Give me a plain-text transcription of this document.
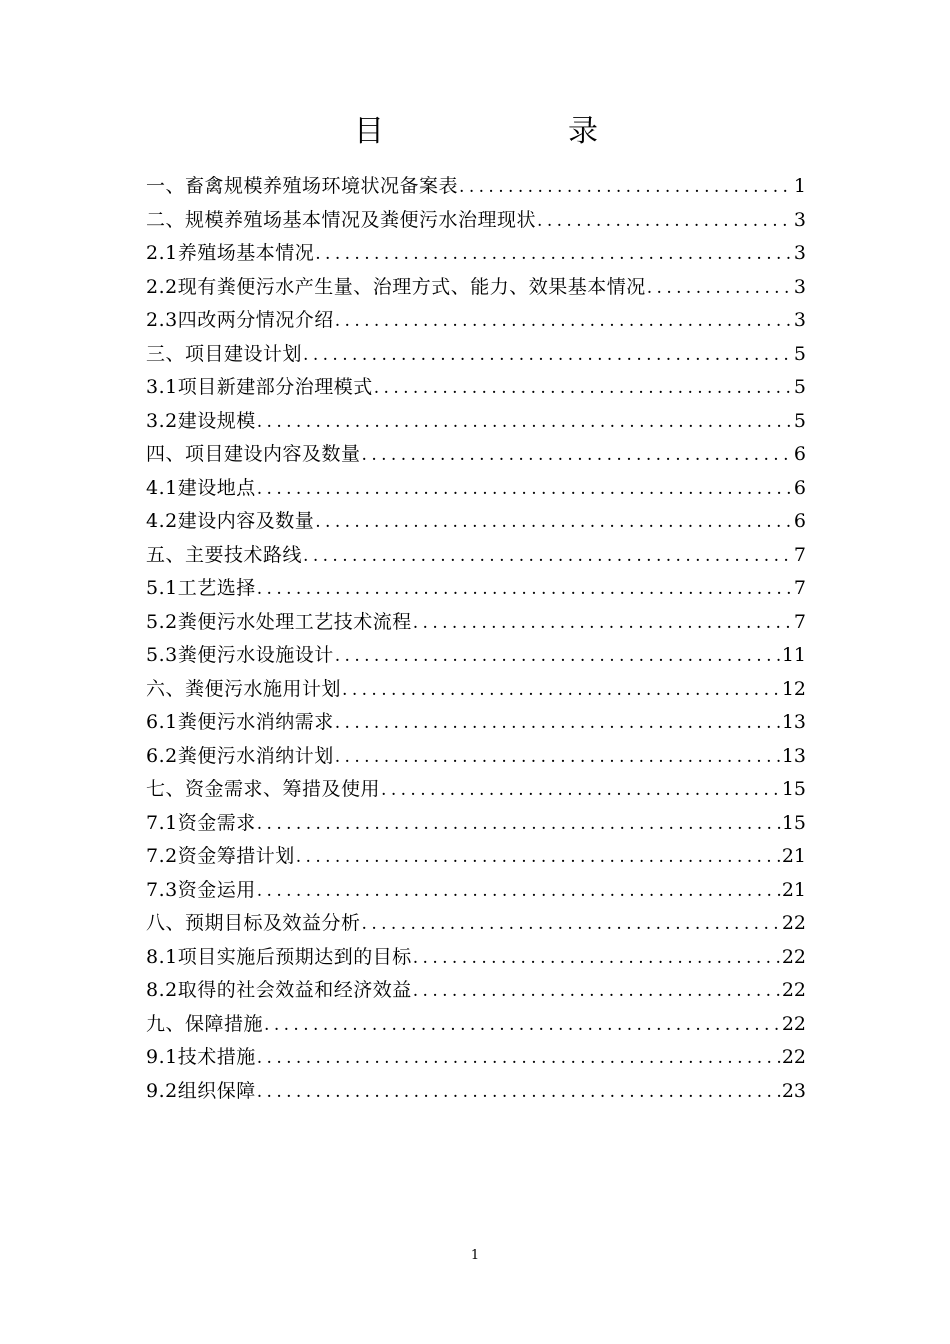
目	录
一、畜禽规模养殖场环境状况备案表 .....	1
二、规模养殖场基本情况及粪便污水治理现状 .....	3
2.1养殖场基本情况 .....	3
2.2现有粪便污水产生量、治理方式、能力、效果基本情况 .....	3
2.3四改两分情况介绍 .....	3
三、项目建设计划 .....	5
3.1项目新建部分治理模式 .....	5
3.2建设规模 .....	5
四、项目建设内容及数量 .....	6
4.1建设地点 .....	6
4.2建设内容及数量 .....	6
五、主要技术路线 .....	7
5.1工艺选择 .....	7
5.2粪便污水处理工艺技术流程 .....	7
5.3粪便污水设施设计 .....	11
六、粪便污水施用计划 .....	12
6.1粪便污水消纳需求 .....	13
6.2粪便污水消纳计划 .....	13
七、资金需求、筹措及使用 .....	15
7.1资金需求 .....	15
7.2资金筹措计划 .....	21
7.3资金运用 .....	21
八、预期目标及效益分析 .....	22
8.1项目实施后预期达到的目标 .....	22
8.2取得的社会效益和经济效益 .....	22
九、保障措施 .....	22
9.1技术措施 .....	22
9.2组织保障 .....	23
1
